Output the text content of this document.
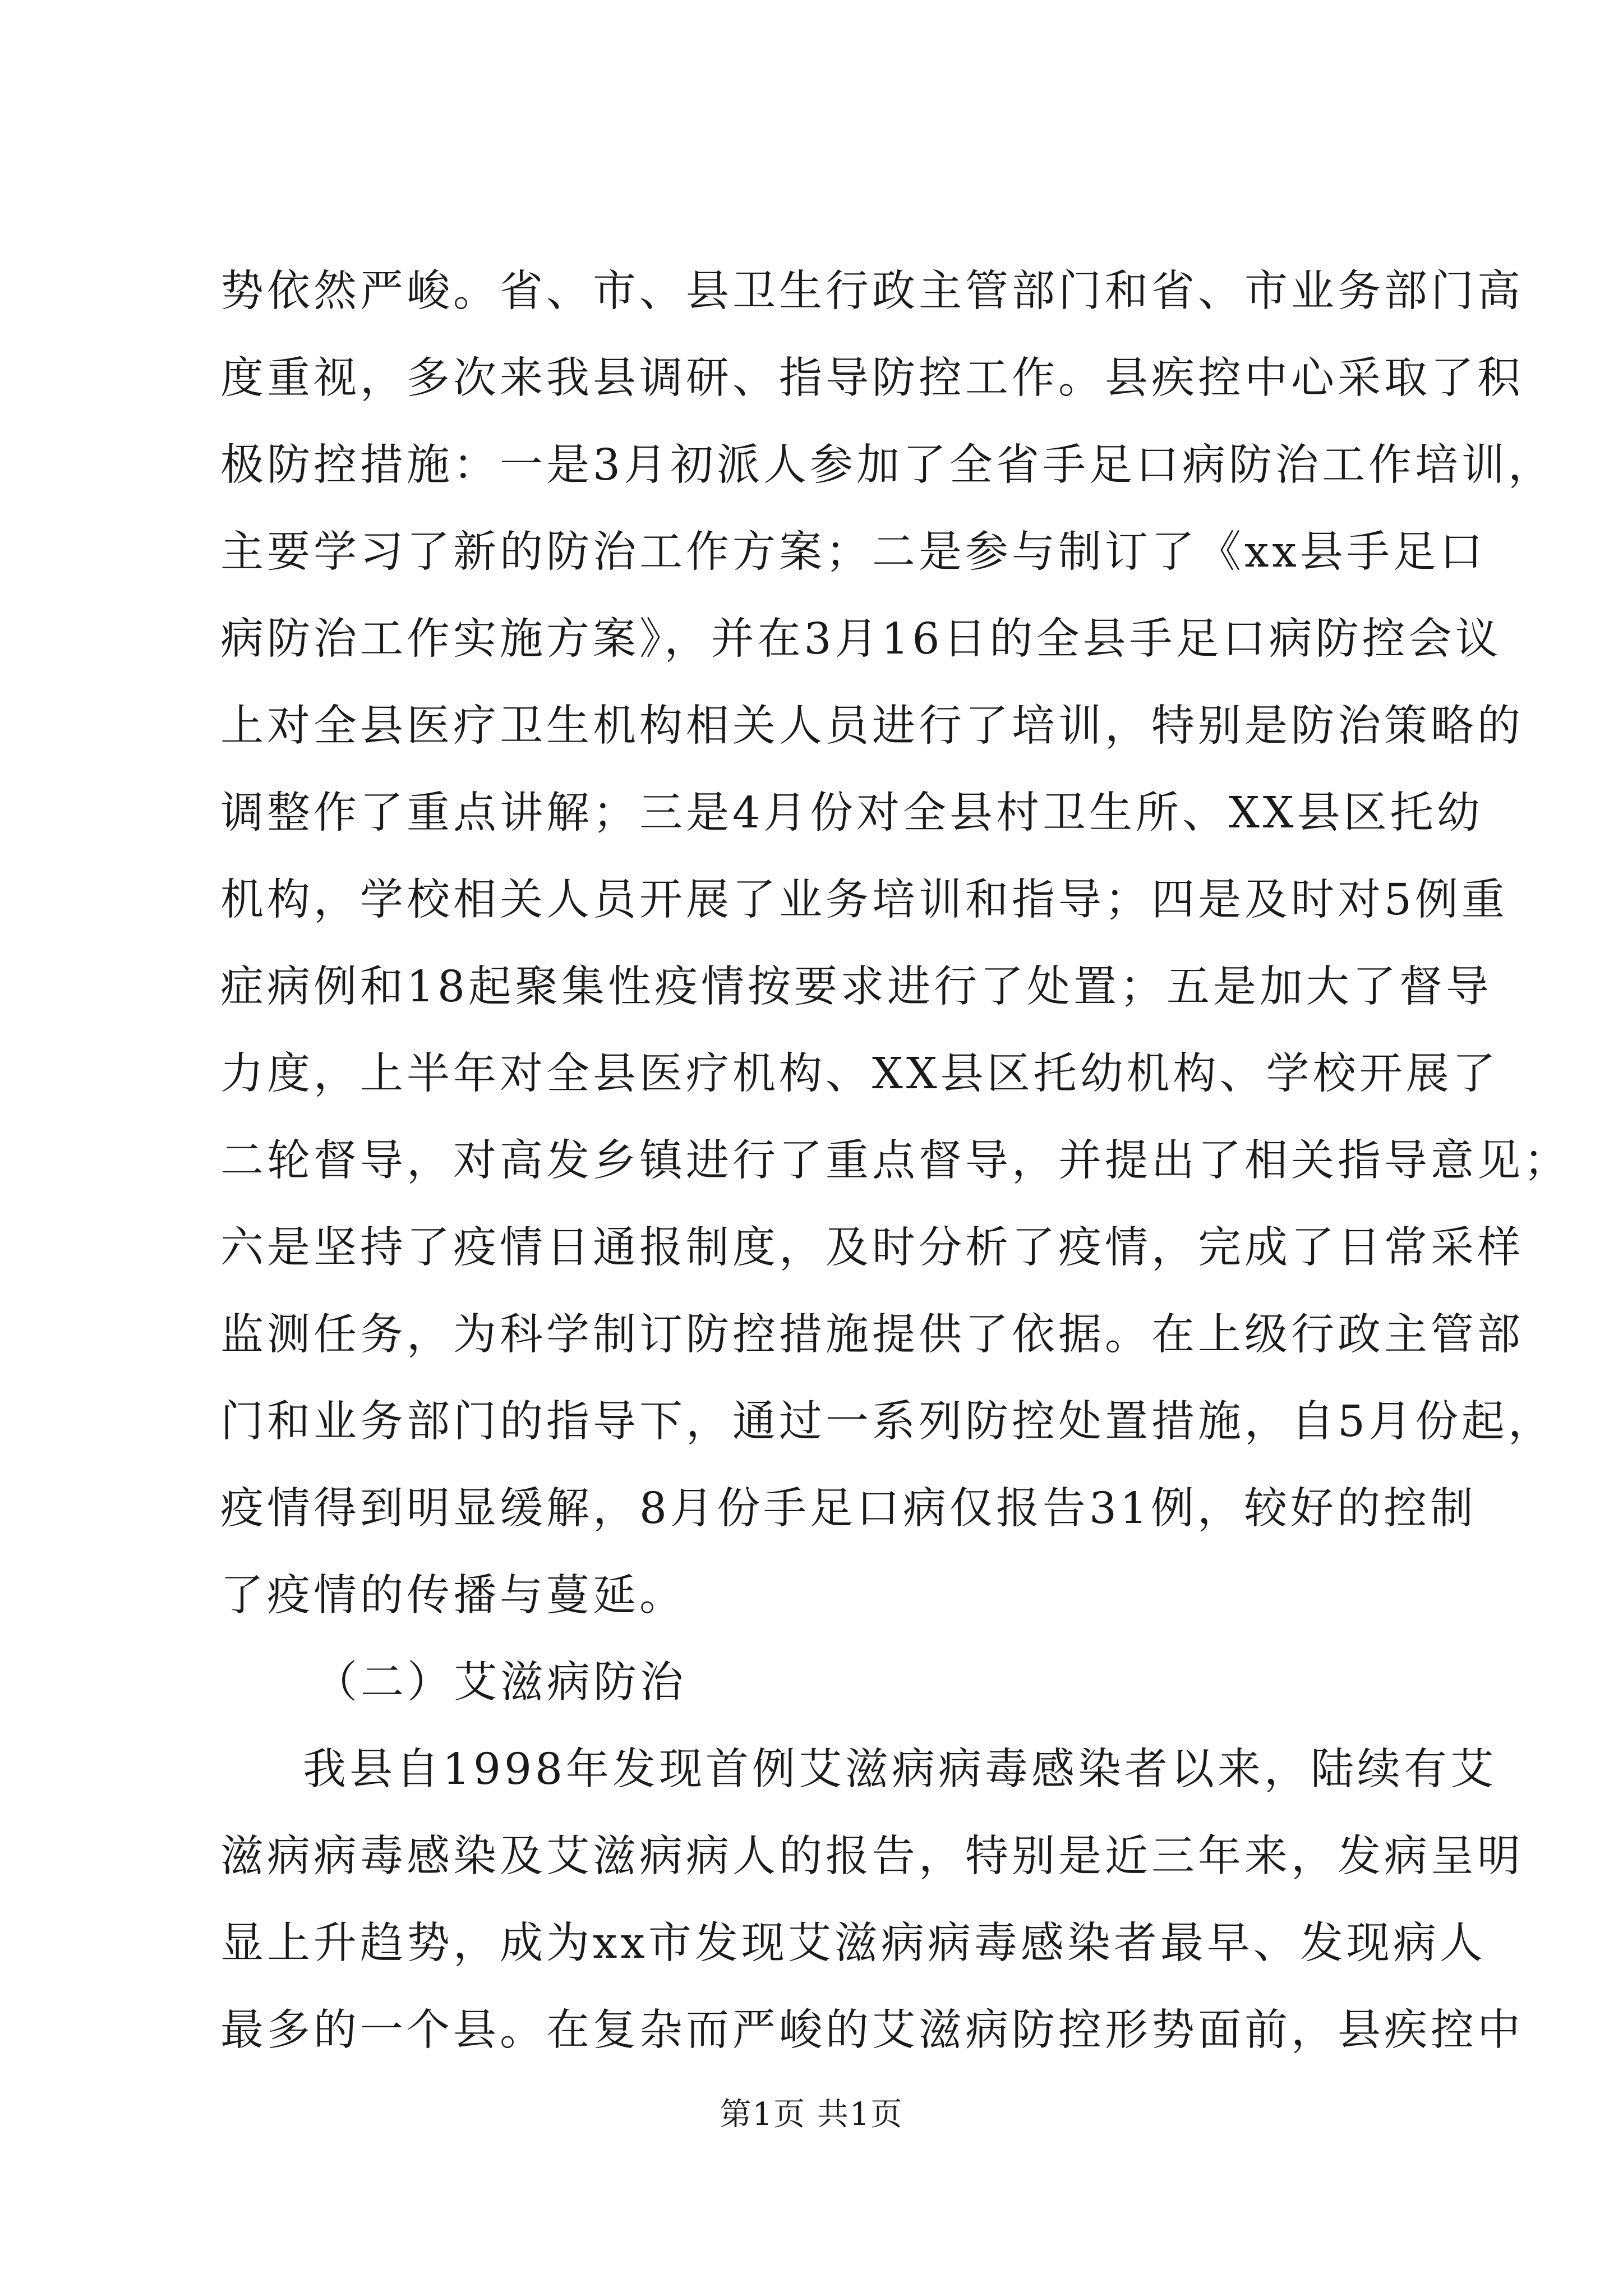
势依然严峻。省、市、县卫生行政主管部门和省、市业务部门高
度重视，多次来我县调研、指导防控工作。县疾控中心采取了积
极防控措施：一是3月初派人参加了全省手足口病防治工作培训，
主要学习了新的防治工作方案；二是参与制订了《xx县手足口
病防治工作实施方案》，并在3月16日的全县手足口病防控会议
上对全县医疗卫生机构相关人员进行了培训，特别是防治策略的
调整作了重点讲解；三是4月份对全县村卫生所、XX县区托幼
机构，学校相关人员开展了业务培训和指导；四是及时对5例重
症病例和18起聚集性疫情按要求进行了处置；五是加大了督导
力度，上半年对全县医疗机构、XX县区托幼机构、学校开展了
二轮督导，对高发乡镇进行了重点督导，并提出了相关指导意见；
六是坚持了疫情日通报制度，及时分析了疫情，完成了日常采样
监测任务，为科学制订防控措施提供了依据。在上级行政主管部
门和业务部门的指导下，通过一系列防控处置措施，自5月份起，
疫情得到明显缓解，8月份手足口病仅报告31例，较好的控制
了疫情的传播与蔓延。
（二）艾滋病防治
我县自1998年发现首例艾滋病病毒感染者以来，陆续有艾
滋病病毒感染及艾滋病病人的报告，特别是近三年来，发病呈明
显上升趋势，成为xx市发现艾滋病病毒感染者最早、发现病人
第1页 共1页
最多的一个县。在复杂而严峻的艾滋病防控形势面前，县疾控中
